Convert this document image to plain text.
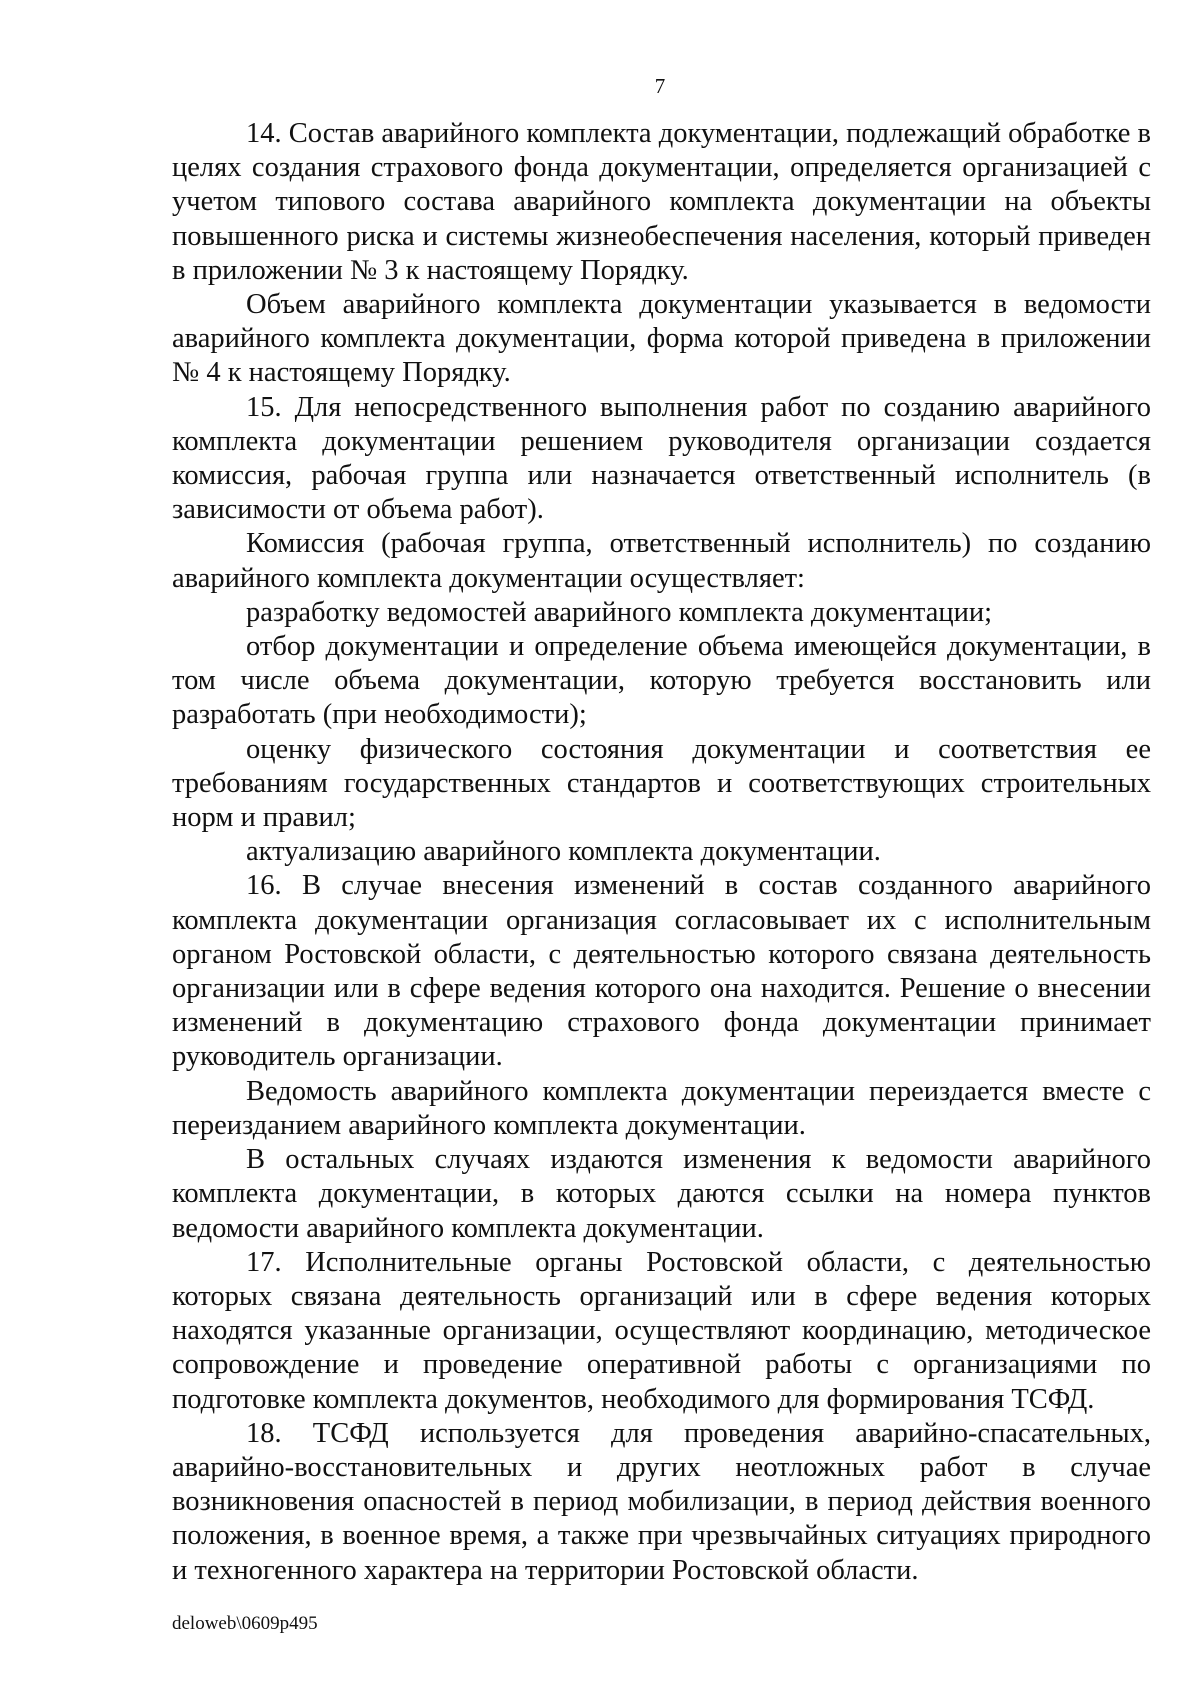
7

14. Состав аварийного комплекта документации, подлежащий обработке в целях создания страхового фонда документации, определяется организацией с учетом типового состава аварийного комплекта документации на объекты повышенного риска и системы жизнеобеспечения населения, который приведен в приложении № 3 к настоящему Порядку.

Объем аварийного комплекта документации указывается в ведомости аварийного комплекта документации, форма которой приведена в приложении № 4 к настоящему Порядку.

15. Для непосредственного выполнения работ по созданию аварийного комплекта документации решением руководителя организации создается комиссия, рабочая группа или назначается ответственный исполнитель (в зависимости от объема работ).

Комиссия (рабочая группа, ответственный исполнитель) по созданию аварийного комплекта документации осуществляет:

разработку ведомостей аварийного комплекта документации;

отбор документации и определение объема имеющейся документации, в том числе объема документации, которую требуется восстановить или разработать (при необходимости);

оценку физического состояния документации и соответствия ее требованиям государственных стандартов и соответствующих строительных норм и правил;

актуализацию аварийного комплекта документации.

16. В случае внесения изменений в состав созданного аварийного комплекта документации организация согласовывает их с исполнительным органом Ростовской области, с деятельностью которого связана деятельность организации или в сфере ведения которого она находится. Решение о внесении изменений в документацию страхового фонда документации принимает руководитель организации.

Ведомость аварийного комплекта документации переиздается вместе с переизданием аварийного комплекта документации.

В остальных случаях издаются изменения к ведомости аварийного комплекта документации, в которых даются ссылки на номера пунктов ведомости аварийного комплекта документации.

17. Исполнительные органы Ростовской области, с деятельностью которых связана деятельность организаций или в сфере ведения которых находятся указанные организации, осуществляют координацию, методическое сопровождение и проведение оперативной работы с организациями по подготовке комплекта документов, необходимого для формирования ТСФД.

18. ТСФД используется для проведения аварийно-спасательных, аварийно-восстановительных и других неотложных работ в случае возникновения опасностей в период мобилизации, в период действия военного положения, в военное время, а также при чрезвычайных ситуациях природного и техногенного характера на территории Ростовской области.

deloweb\0609p495
